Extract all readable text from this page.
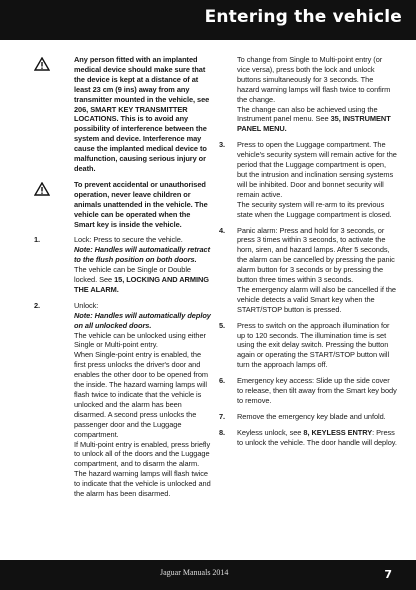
Entering the vehicle

Any person fitted with an implanted medical device should make sure that the device is kept at a distance of at least 23 cm (9 ins) away from any transmitter mounted in the vehicle, see 206, SMART KEY TRANSMITTER LOCATIONS. This is to avoid any possibility of interference between the system and device. Interference may cause the implanted medical device to malfunction, causing serious injury or death.

To prevent accidental or unauthorised operation, never leave children or animals unattended in the vehicle. The vehicle can be operated when the Smart key is inside the vehicle.

1.	Lock: Press to secure the vehicle.

Note: Handles will automatically retract to the flush position on both doors.

The vehicle can be Single or Double locked. See 15, LOCKING AND ARMING THE ALARM.

2.	Unlock:

Note: Handles will automatically deploy on all unlocked doors.

The vehicle can be unlocked using either Single or Multi-point entry.

When Single-point entry is enabled, the first press unlocks the driver's door and enables the other door to be opened from the inside. The hazard warning lamps will flash twice to indicate that the vehicle is unlocked and the alarm has been disarmed. A second press unlocks the passenger door and the Luggage compartment.

If Multi-point entry is enabled, press briefly to unlock all of the doors and the Luggage compartment, and to disarm the alarm. The hazard warning lamps will flash twice to indicate that the vehicle is unlocked and the alarm has been disarmed.

To change from Single to Multi-point entry (or vice versa), press both the lock and unlock buttons simultaneously for 3 seconds. The hazard warning lamps will flash twice to confirm the change.

The change can also be achieved using the Instrument panel menu. See 35, INSTRUMENT PANEL MENU.

3. Press to open the Luggage compartment. The vehicle's security system will remain active for the period that the Luggage compartment is open, but the intrusion and inclination sensing systems will be inhibited. Door and bonnet security will remain active.

The security system will re-arm to its previous state when the Luggage compartment is closed.

4. Panic alarm: Press and hold for 3 seconds, or press 3 times within 3 seconds, to activate the horn, siren, and hazard lamps. After 5 seconds, the alarm can be cancelled by pressing the panic alarm button for 3 seconds or by pressing the button three times within 3 seconds.

The emergency alarm will also be cancelled if the vehicle detects a valid Smart key when the START/STOP button is pressed.

5. Press to switch on the approach illumination for up to 120 seconds. The illumination time is set using the exit delay switch. Pressing the button again or operating the START/STOP button will turn the approach lamps off.

6. Emergency key access: Slide up the side cover to release, then tilt away from the Smart key body to remove.

7. Remove the emergency key blade and unfold.

8. Keyless unlock, see 8, KEYLESS ENTRY: Press to unlock the vehicle. The door handle will deploy.

Jaguar Manuals 2014	7
